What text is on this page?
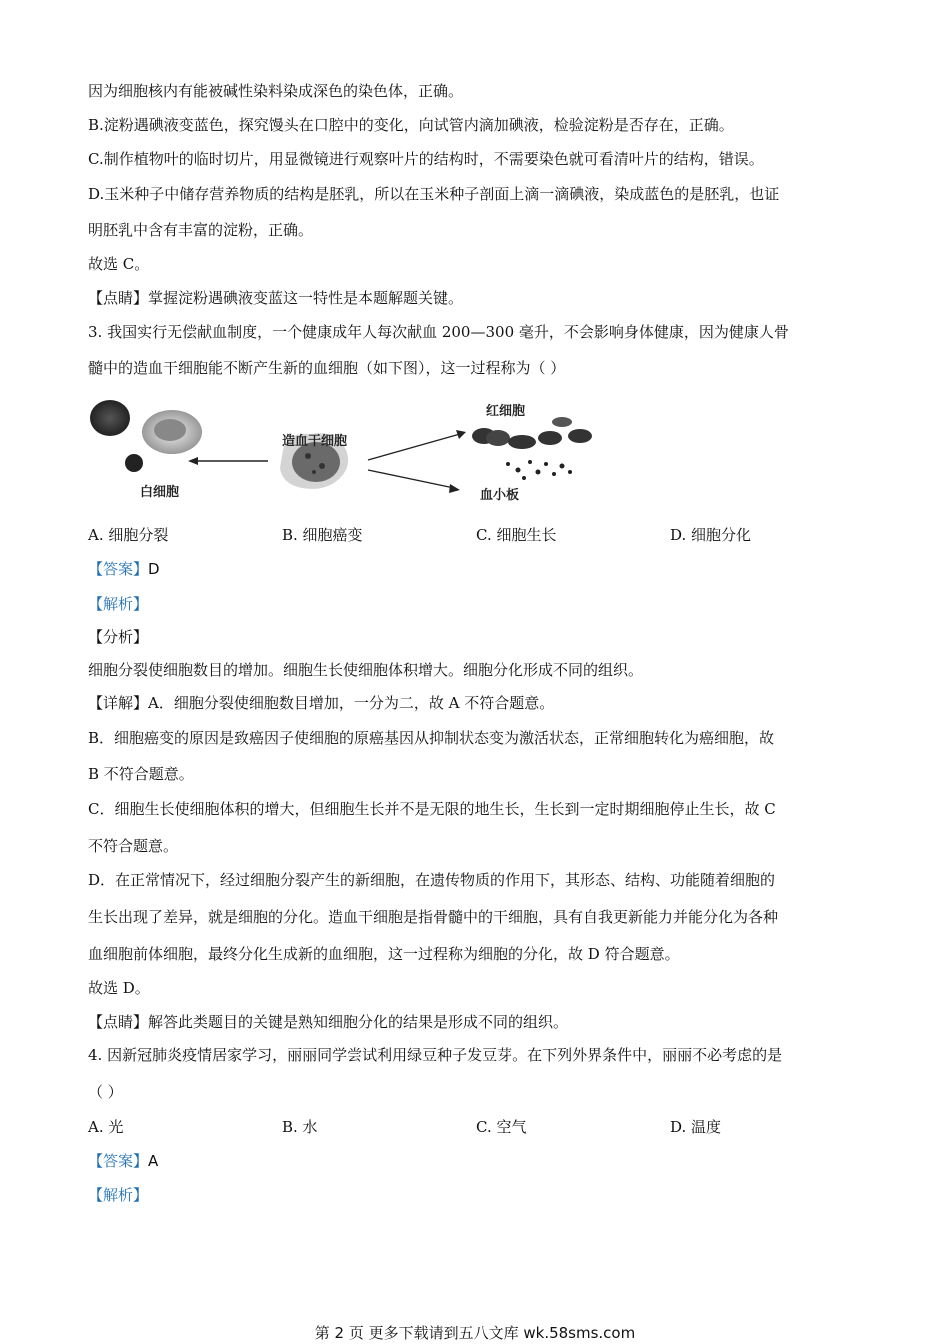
因为细胞核内有能被碱性染料染成深色的染色体，正确。
B.淀粉遇碘液变蓝色，探究馒头在口腔中的变化，向试管内滴加碘液，检验淀粉是否存在，正确。
C.制作植物叶的临时切片，用显微镜进行观察叶片的结构时，不需要染色就可看清叶片的结构，错误。
D.玉米种子中储存营养物质的结构是胚乳，所以在玉米种子剖面上滴一滴碘液，染成蓝色的是胚乳，也证
明胚乳中含有丰富的淀粉，正确。
故选 C。
【点睛】掌握淀粉遇碘液变蓝这一特性是本题解题关键。
3. 我国实行无偿献血制度，一个健康成年人每次献血 200—300 毫升，不会影响身体健康，因为健康人骨
髓中的造血干细胞能不断产生新的血细胞（如下图），这一过程称为（ ）
造血干细胞
白细胞
红细胞
血小板
A. 细胞分裂	B. 细胞癌变	C. 细胞生长	D. 细胞分化
【答案】D
【解析】
【分析】
细胞分裂使细胞数目的增加。细胞生长使细胞体积增大。细胞分化形成不同的组织。
【详解】A．细胞分裂使细胞数目增加，一分为二，故 A 不符合题意。
B．细胞癌变的原因是致癌因子使细胞的原癌基因从抑制状态变为激活状态，正常细胞转化为癌细胞，故
B 不符合题意。
C．细胞生长使细胞体积的增大，但细胞生长并不是无限的地生长，生长到一定时期细胞停止生长，故 C
不符合题意。
D．在正常情况下，经过细胞分裂产生的新细胞，在遗传物质的作用下，其形态、结构、功能随着细胞的
生长出现了差异，就是细胞的分化。造血干细胞是指骨髓中的干细胞，具有自我更新能力并能分化为各种
血细胞前体细胞，最终分化生成新的血细胞，这一过程称为细胞的分化，故 D 符合题意。
故选 D。
【点睛】解答此类题目的关键是熟知细胞分化的结果是形成不同的组织。
4. 因新冠肺炎疫情居家学习，丽丽同学尝试利用绿豆种子发豆芽。在下列外界条件中，丽丽不必考虑的是
（ ）
A. 光	B. 水	C. 空气	D. 温度
【答案】A
【解析】
第 2 页 更多下载请到五八文库 wk.58sms.com
